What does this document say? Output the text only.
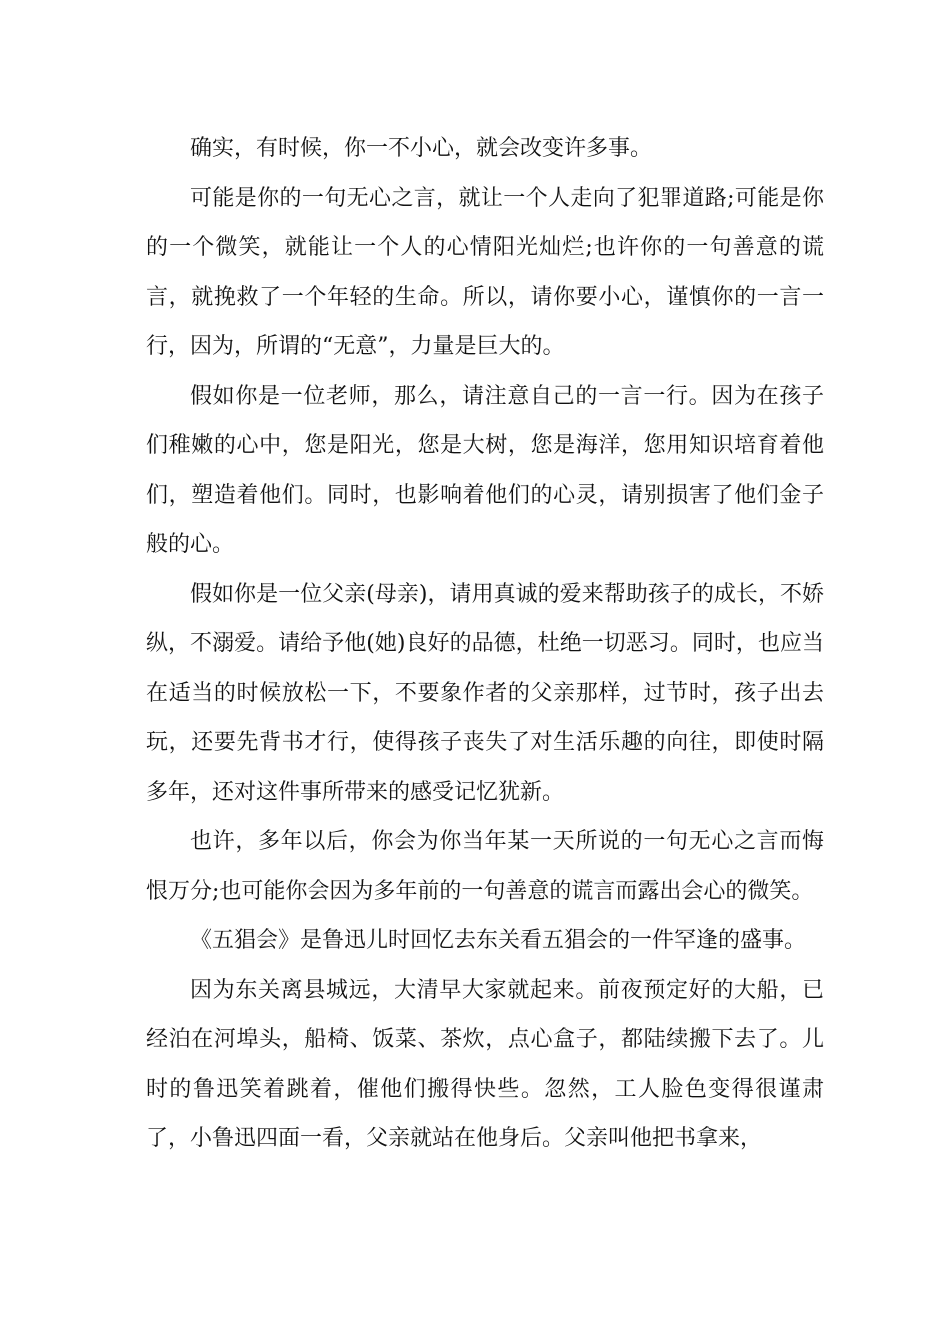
确实，有时候，你一不小心，就会改变许多事。

可能是你的一句无心之言，就让一个人走向了犯罪道路;可能是你的一个微笑，就能让一个人的心情阳光灿烂;也许你的一句善意的谎言，就挽救了一个年轻的生命。所以，请你要小心，谨慎你的一言一行，因为，所谓的“无意”，力量是巨大的。

假如你是一位老师，那么，请注意自己的一言一行。因为在孩子们稚嫩的心中，您是阳光，您是大树，您是海洋，您用知识培育着他们，塑造着他们。同时，也影响着他们的心灵，请别损害了他们金子般的心。

假如你是一位父亲(母亲)，请用真诚的爱来帮助孩子的成长，不娇纵，不溺爱。请给予他(她)良好的品德，杜绝一切恶习。同时，也应当在适当的时候放松一下，不要象作者的父亲那样，过节时，孩子出去玩，还要先背书才行，使得孩子丧失了对生活乐趣的向往，即使时隔多年，还对这件事所带来的感受记忆犹新。

也许，多年以后，你会为你当年某一天所说的一句无心之言而悔恨万分;也可能你会因为多年前的一句善意的谎言而露出会心的微笑。

《五猖会》是鲁迅儿时回忆去东关看五猖会的一件罕逢的盛事。

因为东关离县城远，大清早大家就起来。前夜预定好的大船，已经泊在河埠头，船椅、饭菜、茶炊，点心盒子，都陆续搬下去了。儿时的鲁迅笑着跳着，催他们搬得快些。忽然，工人脸色变得很谨肃了，小鲁迅四面一看，父亲就站在他身后。父亲叫他把书拿来，
